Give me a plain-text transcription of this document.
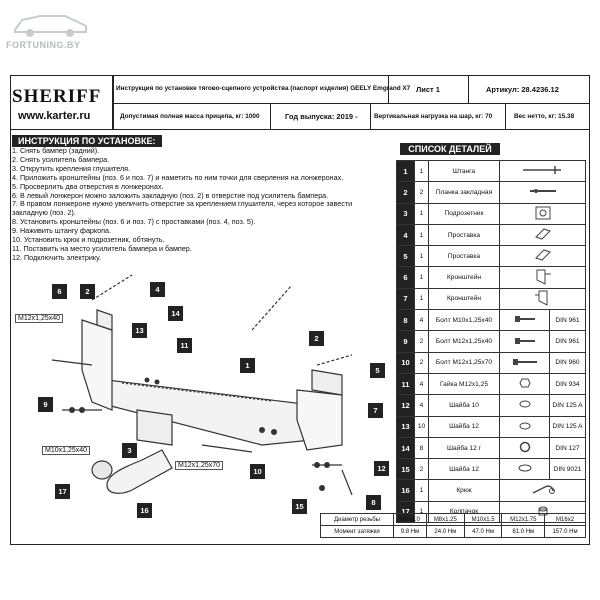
FORTUNING.BY
SHERIFF
www.karter.ru
Инструкция по установке тягово-сцепного устройства (паспорт изделия) GEELY Emgrand X7 Лист 1	Артикул: 28.4236.12
Допустимая полная масса прицепа, кг: 1000	Год выпуска: 2019 -	Вертикальная нагрузка на шар, кг: 70	Вес нетто, кг: 15.38
ИНСТРУКЦИЯ ПО УСТАНОВКЕ:
1. Снять бампер (задний).
2. Снять усилитель бампера.
3. Открутить крепления глушителя.
4. Приложить кронштейны (поз. 6 и поз. 7) и наметить по ним точки для сверления на лонжеронах.
5. Просверлить два отверстия в лонжеронах.
6. В левый лонжерон можно заложить закладную (поз. 2) в отверстие под усилитель бампера.
7. В правом лонжероне нужно увеличить отверстие за креплением глушителя, через которое завести
закладную (поз. 2).
8. Установить кронштейны (поз. 6 и поз. 7) с проставками (поз. 4, поз. 5).
9. Наживить штангу фаркопа.
10. Установить крюк и подрозетник, обтянуть.
11. Поставить на место усилитель бампера и бампер.
12. Подключить электрику.
СПИСОК ДЕТАЛЕЙ
1	1	Штанга	
2	2	Планка закладная	
3	1	Подрозетник	
4	1	Проставка	
5	1	Проставка	
6	1	Кронштейн	
7	1	Кронштейн	
8	4	Болт М10х1,25х40		DIN 961
9	2	Болт М12х1,25х40		DIN 961
10	2	Болт М12х1,25х70		DIN 960
11	4	Гайка М12х1,25		DIN 934
12	4	Шайба 10		DIN 125 A
13	10	Шайба 12		DIN 125 A
14	8	Шайба 12 г		DIN 127
15	2	Шайба 12		DIN 9021
16	1	Крюк	
17	1	Колпачок	
Диаметр резьбы	M6x1.0	M8x1.25	M10x1.5	M12x1.75	M16x2
Момент затяжки	9.8 Нм	24.0 Нм	47.0 Нм	81.0 Нм	157.0 Нм
M12x1,25x40
M10x1,25x40
M12x1,25x70
1
2
2
3
4
5
6
7
8
9
10
11
12
13
14
15
16
17
